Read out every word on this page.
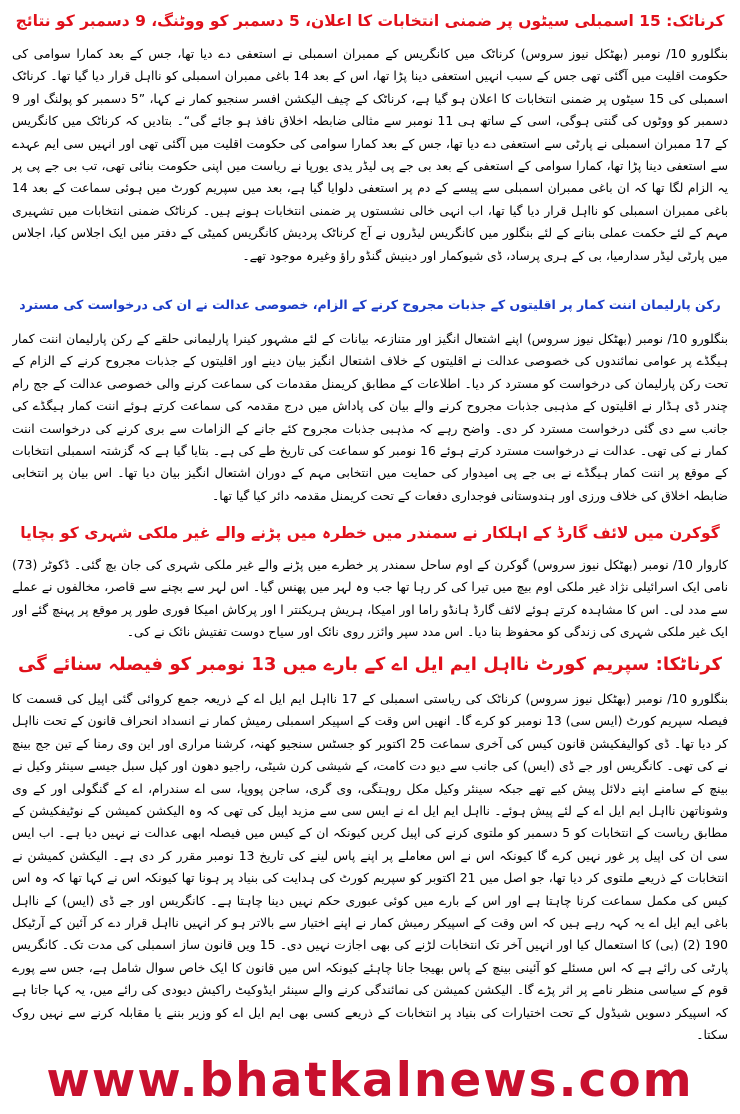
کرناٹک: 15 اسمبلی سیٹوں پر ضمنی انتخابات کا اعلان، 5 دسمبر کو ووٹنگ، 9 دسمبر کو نتائج

بنگلورو 10/ نومبر (بھٹکل نیوز سروس) کرناٹک میں کانگریس کے ممبران اسمبلی نے استعفی دے دیا تھا، جس کے بعد کمارا سوامی کی حکومت اقلیت میں آگئی تھی جس کے سبب انہیں استعفی دینا پڑا تھا، اس کے بعد 14 باغی ممبران اسمبلی کو نااہل قرار دیا گیا تھا۔ کرناٹک اسمبلی کی 15 سیٹوں پر ضمنی انتخابات کا اعلان ہو گیا ہے، کرناٹک کے چیف الیکشن افسر سنجیو کمار نے کہا، ”5 دسمبر کو پولنگ اور 9 دسمبر کو ووٹوں کی گنتی ہوگی، اسی کے ساتھ ہی 11 نومبر سے مثالی ضابطہ اخلاق نافذ ہو جائے گی“۔ بتادیں کہ کرناٹک میں کانگریس کے 17 ممبران اسمبلی نے پارٹی سے استعفی دے دیا تھا، جس کے بعد کمارا سوامی کی حکومت اقلیت میں آگئی تھی اور انہیں سی ایم عہدے سے استعفی دینا پڑا تھا، کمارا سوامی کے استعفی کے بعد بی جے پی لیڈر یدی یورپا نے ریاست میں اپنی حکومت بنائی تھی، تب بی جے پی پر یہ الزام لگا تھا کہ ان باغی ممبران اسمبلی سے پیسے کے دم پر استعفی دلوایا گیا ہے، بعد میں سپریم کورٹ میں ہوئی سماعت کے بعد 14 باغی ممبران اسمبلی کو نااہل قرار دیا گیا تھا، اب انہی خالی نشستوں پر ضمنی انتخابات ہونے ہیں۔ کرناٹک ضمنی انتخابات میں تشہیری مہم کے لئے حکمت عملی بنانے کے لئے بنگلور میں کانگریس لیڈروں نے آج کرناٹک پردیش کانگریس کمیٹی کے دفتر میں ایک اجلاس کیا، اجلاس میں پارٹی لیڈر سدارمیا، بی کے ہری پرساد، ڈی شیوکمار اور دینیش گنڈو راؤ وغیرہ موجود تھے۔

رکن پارلیمان اننت کمار پر اقلیتوں کے جذبات مجروح کرنے کے الزام، خصوصی عدالت نے ان کی درخواست کی مسترد

بنگلورو 10/ نومبر (بھٹکل نیوز سروس) اپنے اشتعال انگیز اور متنازعہ بیانات کے لئے مشہور کینرا پارلیمانی حلقے کے رکن پارلیمان اننت کمار ہیگڈے پر عوامی نمائندوں کی خصوصی عدالت نے اقلیتوں کے خلاف اشتعال انگیز بیان دینے اور اقلیتوں کے جذبات مجروح کرنے کے الزام کے تحت رکن پارلیمان کی درخواست کو مسترد کر دیا۔ اطلاعات کے مطابق کریمنل مقدمات کی سماعت کرنے والی خصوصی عدالت کے جج رام چندر ڈی ہڈار نے اقلیتوں کے مذہبی جذبات مجروح کرنے والے بیان کی پاداش میں درج مقدمہ کی سماعت کرتے ہوئے اننت کمار ہیگڈے کی جانب سے دی گئی درخواست مسترد کر دی۔ واضح رہے کہ مذہبی جذبات مجروح کئے جانے کے الزامات سے بری کرنے کی درخواست اننت کمار نے کی تھی۔ عدالت نے درخواست مسترد کرتے ہوئے 16 نومبر کو سماعت کی تاریخ طے کی ہے۔ بتایا گیا ہے کہ گزشتہ اسمبلی انتخابات کے موقع پر اننت کمار ہیگڈے نے بی جے پی امیدوار کی حمایت میں انتخابی مہم کے دوران اشتعال انگیز بیان دیا تھا۔ اس بیان پر انتخابی ضابطہ اخلاق کی خلاف ورزی اور ہندوستانی فوجداری دفعات کے تحت کریمنل مقدمہ دائر کیا گیا تھا۔

گوکرن میں لائف گارڈ کے اہلکار نے سمندر میں خطرہ میں پڑنے والے غیر ملکی شہری کو بچایا

کاروار 10/ نومبر (بھٹکل نیوز سروس) گوکرن کے اوم ساحل سمندر پر خطرے میں پڑنے والے غیر ملکی شہری کی جان بچ گئی۔ ڈکوٹر (73) نامی ایک اسرائیلی نژاد غیر ملکی اوم بیچ میں تیرا کی کر رہا تھا جب وہ لہر میں پھنس گیا۔ اس لہر سے بچنے سے قاصر، مخالفوں نے عملے سے مدد لی۔ اس کا مشاہدہ کرتے ہوئے لائف گارڈ ہانڈو راما اور امیکا، ہریش ہریکنتر ا اور پرکاش امیکا فوری طور پر موقع پر پہنچ گئے اور ایک غیر ملکی شہری کی زندگی کو محفوظ بنا دیا۔ اس مدد سپر وائزر روی نائک اور سیاح دوست تفتیش نائک نے کی۔

کرناٹکا: سپریم کورٹ نااہل ایم ایل اے کے بارے میں 13 نومبر کو فیصلہ سنائے گی

بنگلورو 10/ نومبر (بھٹکل نیوز سروس) کرناٹک کی ریاستی اسمبلی کے 17 نااہل ایم ایل اے کے ذریعہ جمع کروائی گئی اپیل کی قسمت کا فیصلہ سپریم کورٹ (ایس سی) 13 نومبر کو کرے گا۔ انھیں اس وقت کے اسپیکر اسمبلی رمیش کمار نے انسداد انحراف قانون کے تحت نااہل کر دیا تھا۔ ڈی کوالیفکیشن قانون کیس کی آخری سماعت 25 اکتوبر کو جسٹس سنجیو کھنہ، کرشنا مراری اور این وی رمنا کے تین جج بینچ نے کی تھی۔ کانگریس اور جے ڈی (ایس) کی جانب سے دیو دت کامت، کے شیشی کرن شیٹی، راجیو دھون اور کپل سبل جیسے سینئر وکیل نے بینچ کے سامنے اپنے دلائل پیش کیے تھے جبکہ سینئر وکیل مکل روہتگی، وی گری، ساجن پووپا، سی اے سندرام، اے کے گنگولی اور کے وی وشوناتھن نااہل ایم ایل اے کے لئے پیش ہوئے۔ نااہل ایم ایل اے نے ایس سی سے مزید اپیل کی تھی کہ وہ الیکشن کمیشن کے نوٹیفکیشن کے مطابق ریاست کے انتخابات کو 5 دسمبر کو ملتوی کرنے کی اپیل کریں کیونکہ ان کے کیس میں فیصلہ ابھی عدالت نے نہیں دیا ہے۔ اب ایس سی ان کی اپیل پر غور نہیں کرے گا کیونکہ اس نے اس معاملے پر اپنے پاس لینے کی تاریخ 13 نومبر مقرر کر دی ہے۔ الیکشن کمیشن نے انتخابات کے ذریعے ملتوی کر دیا تھا، جو اصل میں 21 اکتوبر کو سپریم کورٹ کی ہدایت کی بنیاد پر ہونا تھا کیونکہ اس نے کہا تھا کہ وہ اس کیس کی مکمل سماعت کرنا چاہتا ہے اور اس کے بارے میں کوئی عبوری حکم نہیں دینا چاہتا ہے۔ کانگریس اور جے ڈی (ایس) کے نااہل باغی ایم ایل اے یہ کہہ رہے ہیں کہ اس وقت کے اسپیکر رمیش کمار نے اپنے اختیار سے بالاتر ہو کر انہیں نااہل قرار دے کر آئین کے آرٹیکل 190 (2) (بی) کا استعمال کیا اور انہیں آخر تک انتخابات لڑنے کی بھی اجازت نہیں دی۔ 15 ویں قانون ساز اسمبلی کی مدت تک۔ کانگریس پارٹی کی رائے ہے کہ اس مسئلے کو آئینی بینچ کے پاس بھیجا جانا چاہئے کیونکہ اس میں قانون کا ایک خاص سوال شامل ہے، جس سے پورے قوم کے سیاسی منظر نامے پر اثر پڑے گا۔ الیکشن کمیشن کی نمائندگی کرنے والے سینئر ایڈوکیٹ راکیش دیودی کی رائے میں، یہ کہا جاتا ہے کہ اسپیکر دسویں شیڈول کے تحت اختیارات کی بنیاد پر انتخابات کے ذریعے کسی بھی ایم ایل اے کو وزیر بننے یا مقابلہ کرنے سے نہیں روک سکتا۔

www.bhatkalnews.com
